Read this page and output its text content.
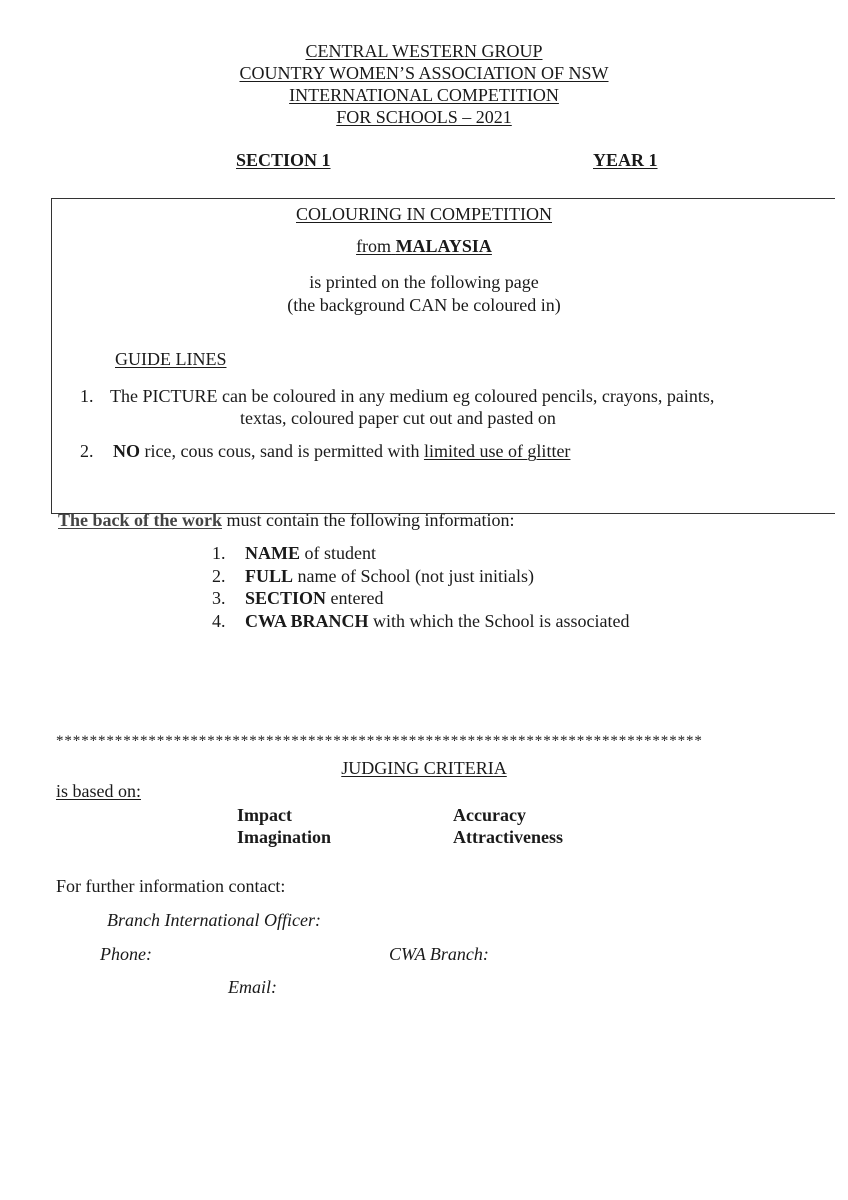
CENTRAL WESTERN GROUP
COUNTRY WOMEN’S ASSOCIATION OF NSW
INTERNATIONAL COMPETITION
FOR SCHOOLS – 2021
SECTION 1	YEAR 1
COLOURING IN COMPETITION
from MALAYSIA
is printed on the following page
(the background CAN be coloured in)
GUIDE LINES
1. The PICTURE can be coloured in any medium eg coloured pencils, crayons, paints,
textas, coloured paper cut out and pasted on
2. NO rice, cous cous, sand is permitted with limited use of glitter
The back of the work must contain the following information:
1. NAME of student
2. FULL name of School (not just initials)
3. SECTION entered
4. CWA BRANCH with which the School is associated
*****************************************************************************
JUDGING CRITERIA
is based on:
Impact
Imagination
Accuracy
Attractiveness
For further information contact:
Branch International Officer:
Phone:	CWA Branch:
Email:
